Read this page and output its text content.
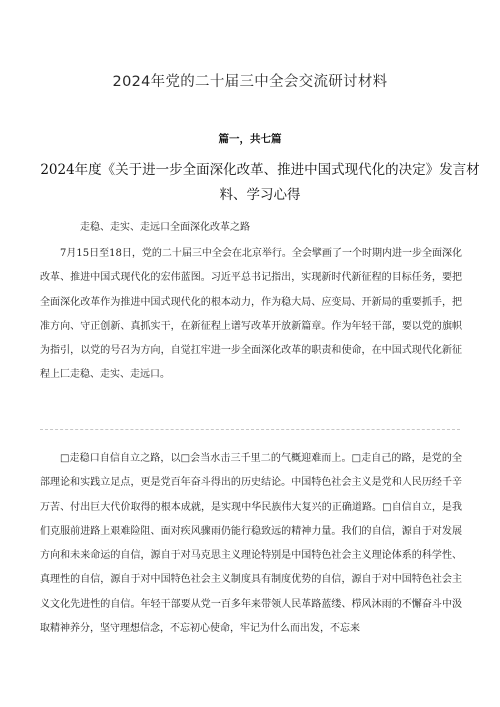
2024年党的二十届三中全会交流研讨材料
篇一，共七篇
2024年度《关于进一步全面深化改革、推进中国式现代化的决定》发言材料、学习心得
走稳、走实、走远口全面深化改革之路

7月15日至18日，党的二十届三中全会在北京举行。全会擘画了一个时期内进一步全面深化改革、推进中国式现代化的宏伟蓝图。习近平总书记指出，实现新时代新征程的目标任务，要把全面深化改革作为推进中国式现代化的根本动力，作为稳大局、应变局、开新局的重要抓手，把准方向、守正创新、真抓实干，在新征程上谱写改革开放新篇章。作为年轻干部，要以党的旗帜为指引，以党的号召为方向，自觉扛牢进一步全面深化改革的职责和使命，在中国式现代化新征程上匚走稳、走实、走远口。

□走稳口自信自立之路，以□会当水击三千里二的气概迎难而上。□走自己的路，是党的全部理论和实践立足点，更是党百年奋斗得出的历史结论。中国特色社会主义是党和人民历经千辛万苦、付出巨大代价取得的根本成就，是实现中华民族伟大复兴的正确道路。□自信自立，是我们克服前进路上艰难险阻、面对疾风骤雨仍能行稳致远的精神力量。我们的自信，源自于对发展方向和未来命运的自信，源自于对马克思主义理论特别是中国特色社会主义理论体系的科学性、真理性的自信，源自于对中国特色社会主义制度具有制度优势的自信，源自于对中国特色社会主义文化先进性的自信。年轻干部要从党一百多年来带领人民革路蓝缕、栉风沐雨的不懈奋斗中汲取精神养分，坚守理想信念，不忘初心使命，牢记为什么而出发，不忘来
